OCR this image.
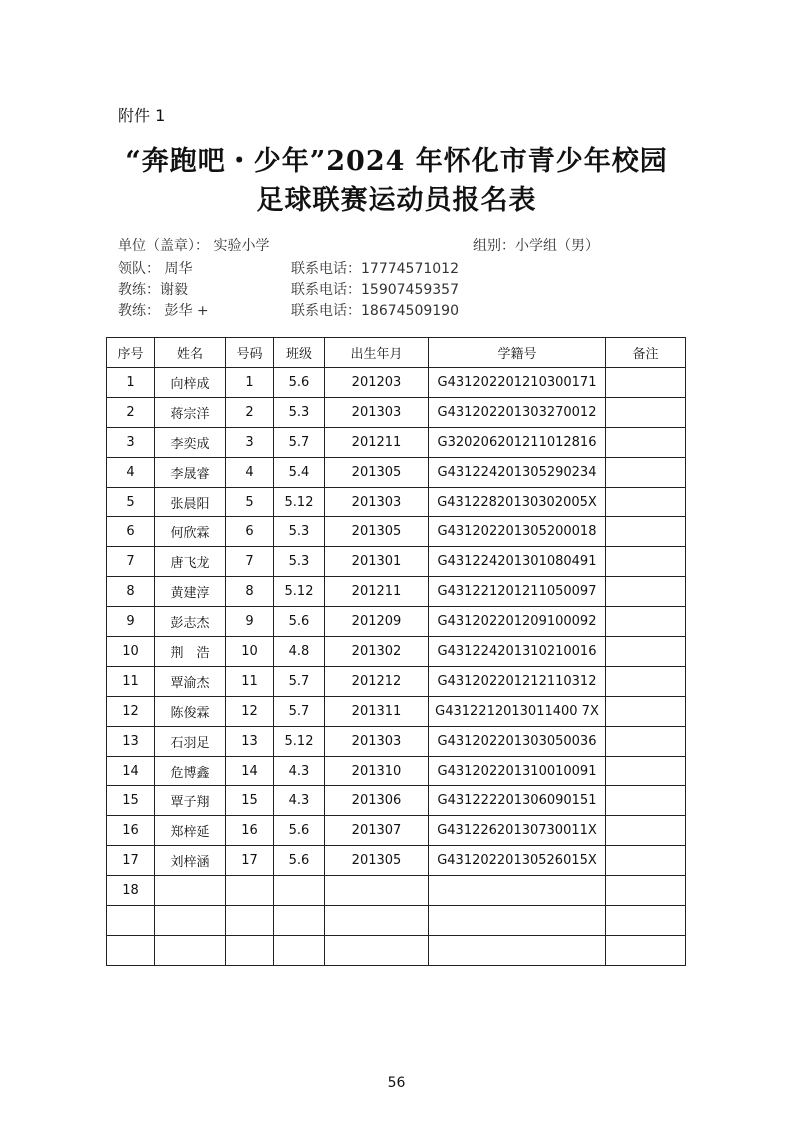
附件 1
“奔跑吧・少年”2024 年怀化市青少年校园
足球联赛运动员报名表
单位（盖章）： 实验小学	组别：小学组（男）
领队： 周华	联系电话：17774571012
教练：谢毅	联系电话：15907459357
教练： 彭华 +	联系电话：18674509190
序号	姓名	号码	班级	出生年月	学籍号	备注
1	向梓成	1	5.6	201203	G431202201210300171	
2	蒋宗洋	2	5.3	201303	G431202201303270012	
3	李奕成	3	5.7	201211	G320206201211012816	
4	李晟睿	4	5.4	201305	G431224201305290234	
5	张晨阳	5	5.12	201303	G43122820130302005X	
6	何欣霖	6	5.3	201305	G431202201305200018	
7	唐飞龙	7	5.3	201301	G431224201301080491	
8	黄建淳	8	5.12	201211	G431221201211050097	
9	彭志杰	9	5.6	201209	G431202201209100092	
10	荆　浩	10	4.8	201302	G431224201310210016	
11	覃渝杰	11	5.7	201212	G431202201212110312	
12	陈俊霖	12	5.7	201311	G4312212013011400 7X	
13	石羽足	13	5.12	201303	G431202201303050036	
14	危博鑫	14	4.3	201310	G431202201310010091	
15	覃子翔	15	4.3	201306	G431222201306090151	
16	郑梓延	16	5.6	201307	G43122620130730011X	
17	刘梓涵	17	5.6	201305	G43120220130526015X	
18						

56
